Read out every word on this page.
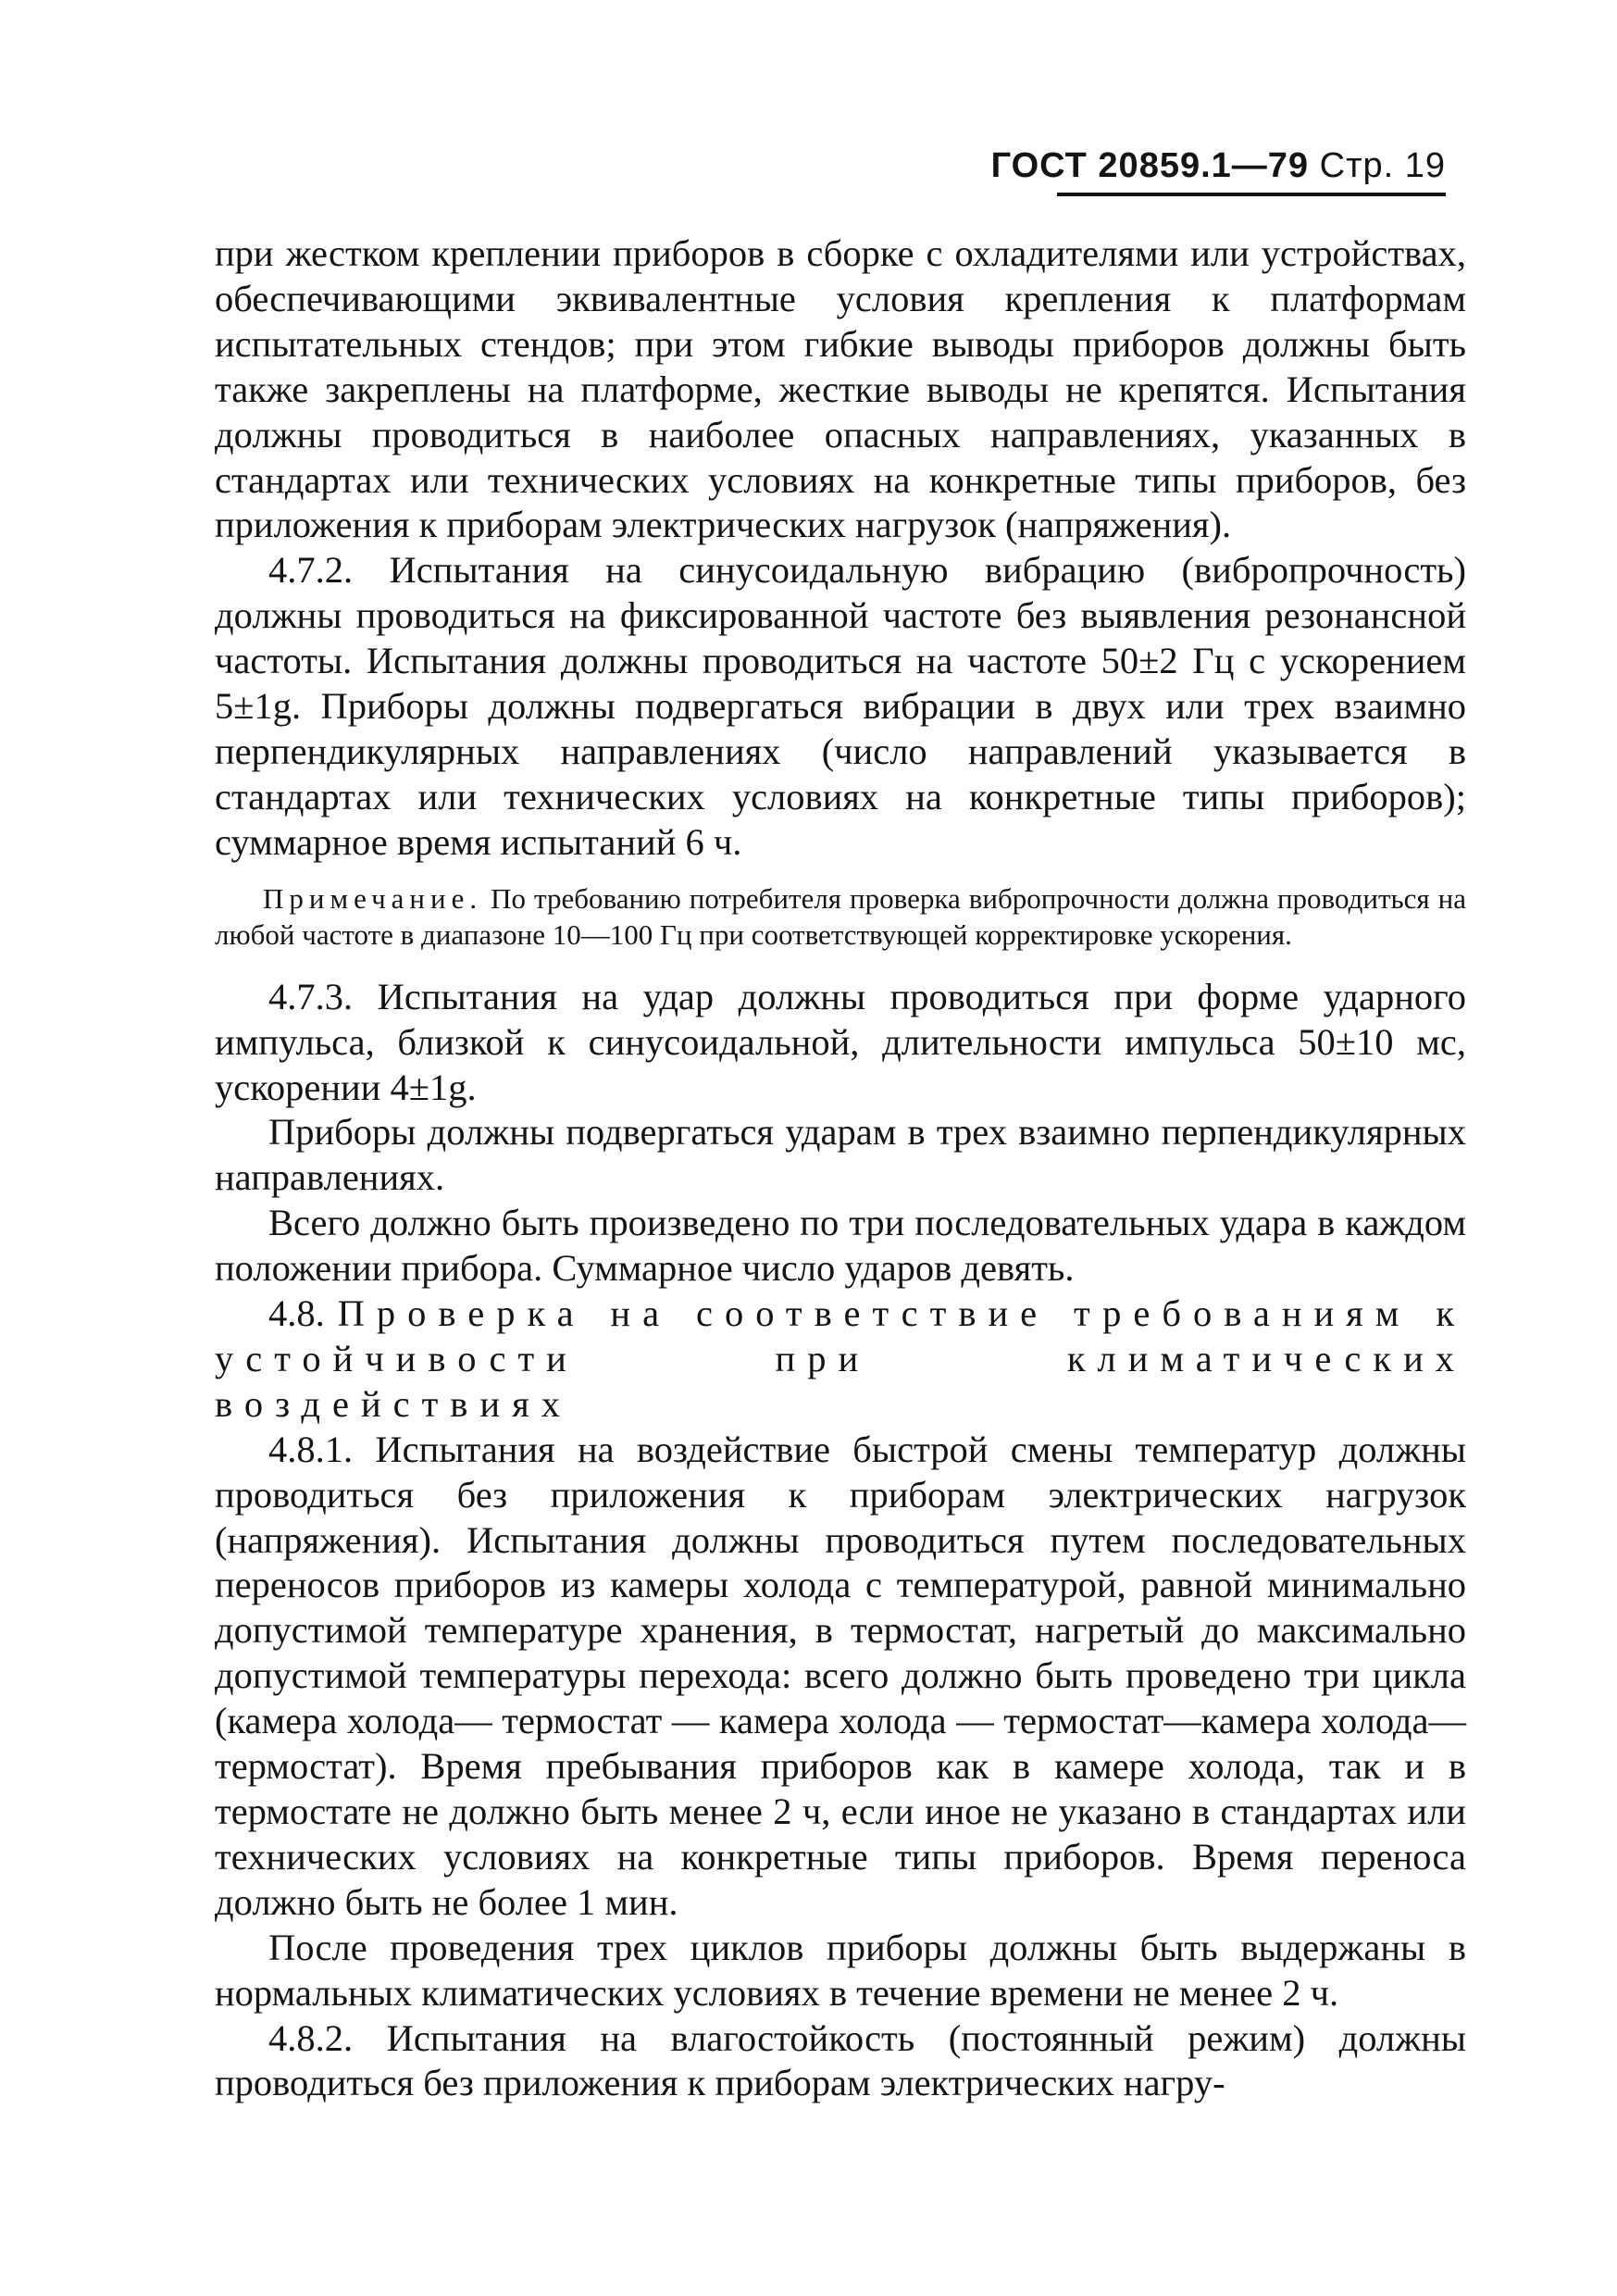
ГОСТ 20859.1—79 Стр. 19

при жестком креплении приборов в сборке с охладителями или устройствах, обеспечивающими эквивалентные условия крепления к платформам испытательных стендов; при этом гибкие выводы приборов должны быть также закреплены на платформе, жесткие выводы не крепятся. Испытания должны проводиться в наиболее опасных направлениях, указанных в стандартах или технических условиях на конкретные типы приборов, без приложения к приборам электрических нагрузок (напряжения).

4.7.2. Испытания на синусоидальную вибрацию (вибропрочность) должны проводиться на фиксированной частоте без выявления резонансной частоты. Испытания должны проводиться на частоте 50±2 Гц с ускорением 5±1g. Приборы должны подвергаться вибрации в двух или трех взаимно перпендикулярных направлениях (число направлений указывается в стандартах или технических условиях на конкретные типы приборов); суммарное время испытаний 6 ч.

Примечание. По требованию потребителя проверка вибропрочности должна проводиться на любой частоте в диапазоне 10—100 Гц при соответствующей корректировке ускорения.

4.7.3. Испытания на удар должны проводиться при форме ударного импульса, близкой к синусоидальной, длительности импульса 50±10 мс, ускорении 4±1g.

Приборы должны подвергаться ударам в трех взаимно перпендикулярных направлениях.

Всего должно быть произведено по три последовательных удара в каждом положении прибора. Суммарное число ударов девять.

4.8. Проверка на соответствие требованиям к устойчивости при климатических воздействиях

4.8.1. Испытания на воздействие быстрой смены температур должны проводиться без приложения к приборам электрических нагрузок (напряжения). Испытания должны проводиться путем последовательных переносов приборов из камеры холода с температурой, равной минимально допустимой температуре хранения, в термостат, нагретый до максимально допустимой температуры перехода: всего должно быть проведено три цикла (камера холода— термостат — камера холода — термостат—камера холода—термостат). Время пребывания приборов как в камере холода, так и в термостате не должно быть менее 2 ч, если иное не указано в стандартах или технических условиях на конкретные типы приборов. Время переноса должно быть не более 1 мин.

После проведения трех циклов приборы должны быть выдержаны в нормальных климатических условиях в течение времени не менее 2 ч.

4.8.2. Испытания на влагостойкость (постоянный режим) должны проводиться без приложения к приборам электрических нагру-
